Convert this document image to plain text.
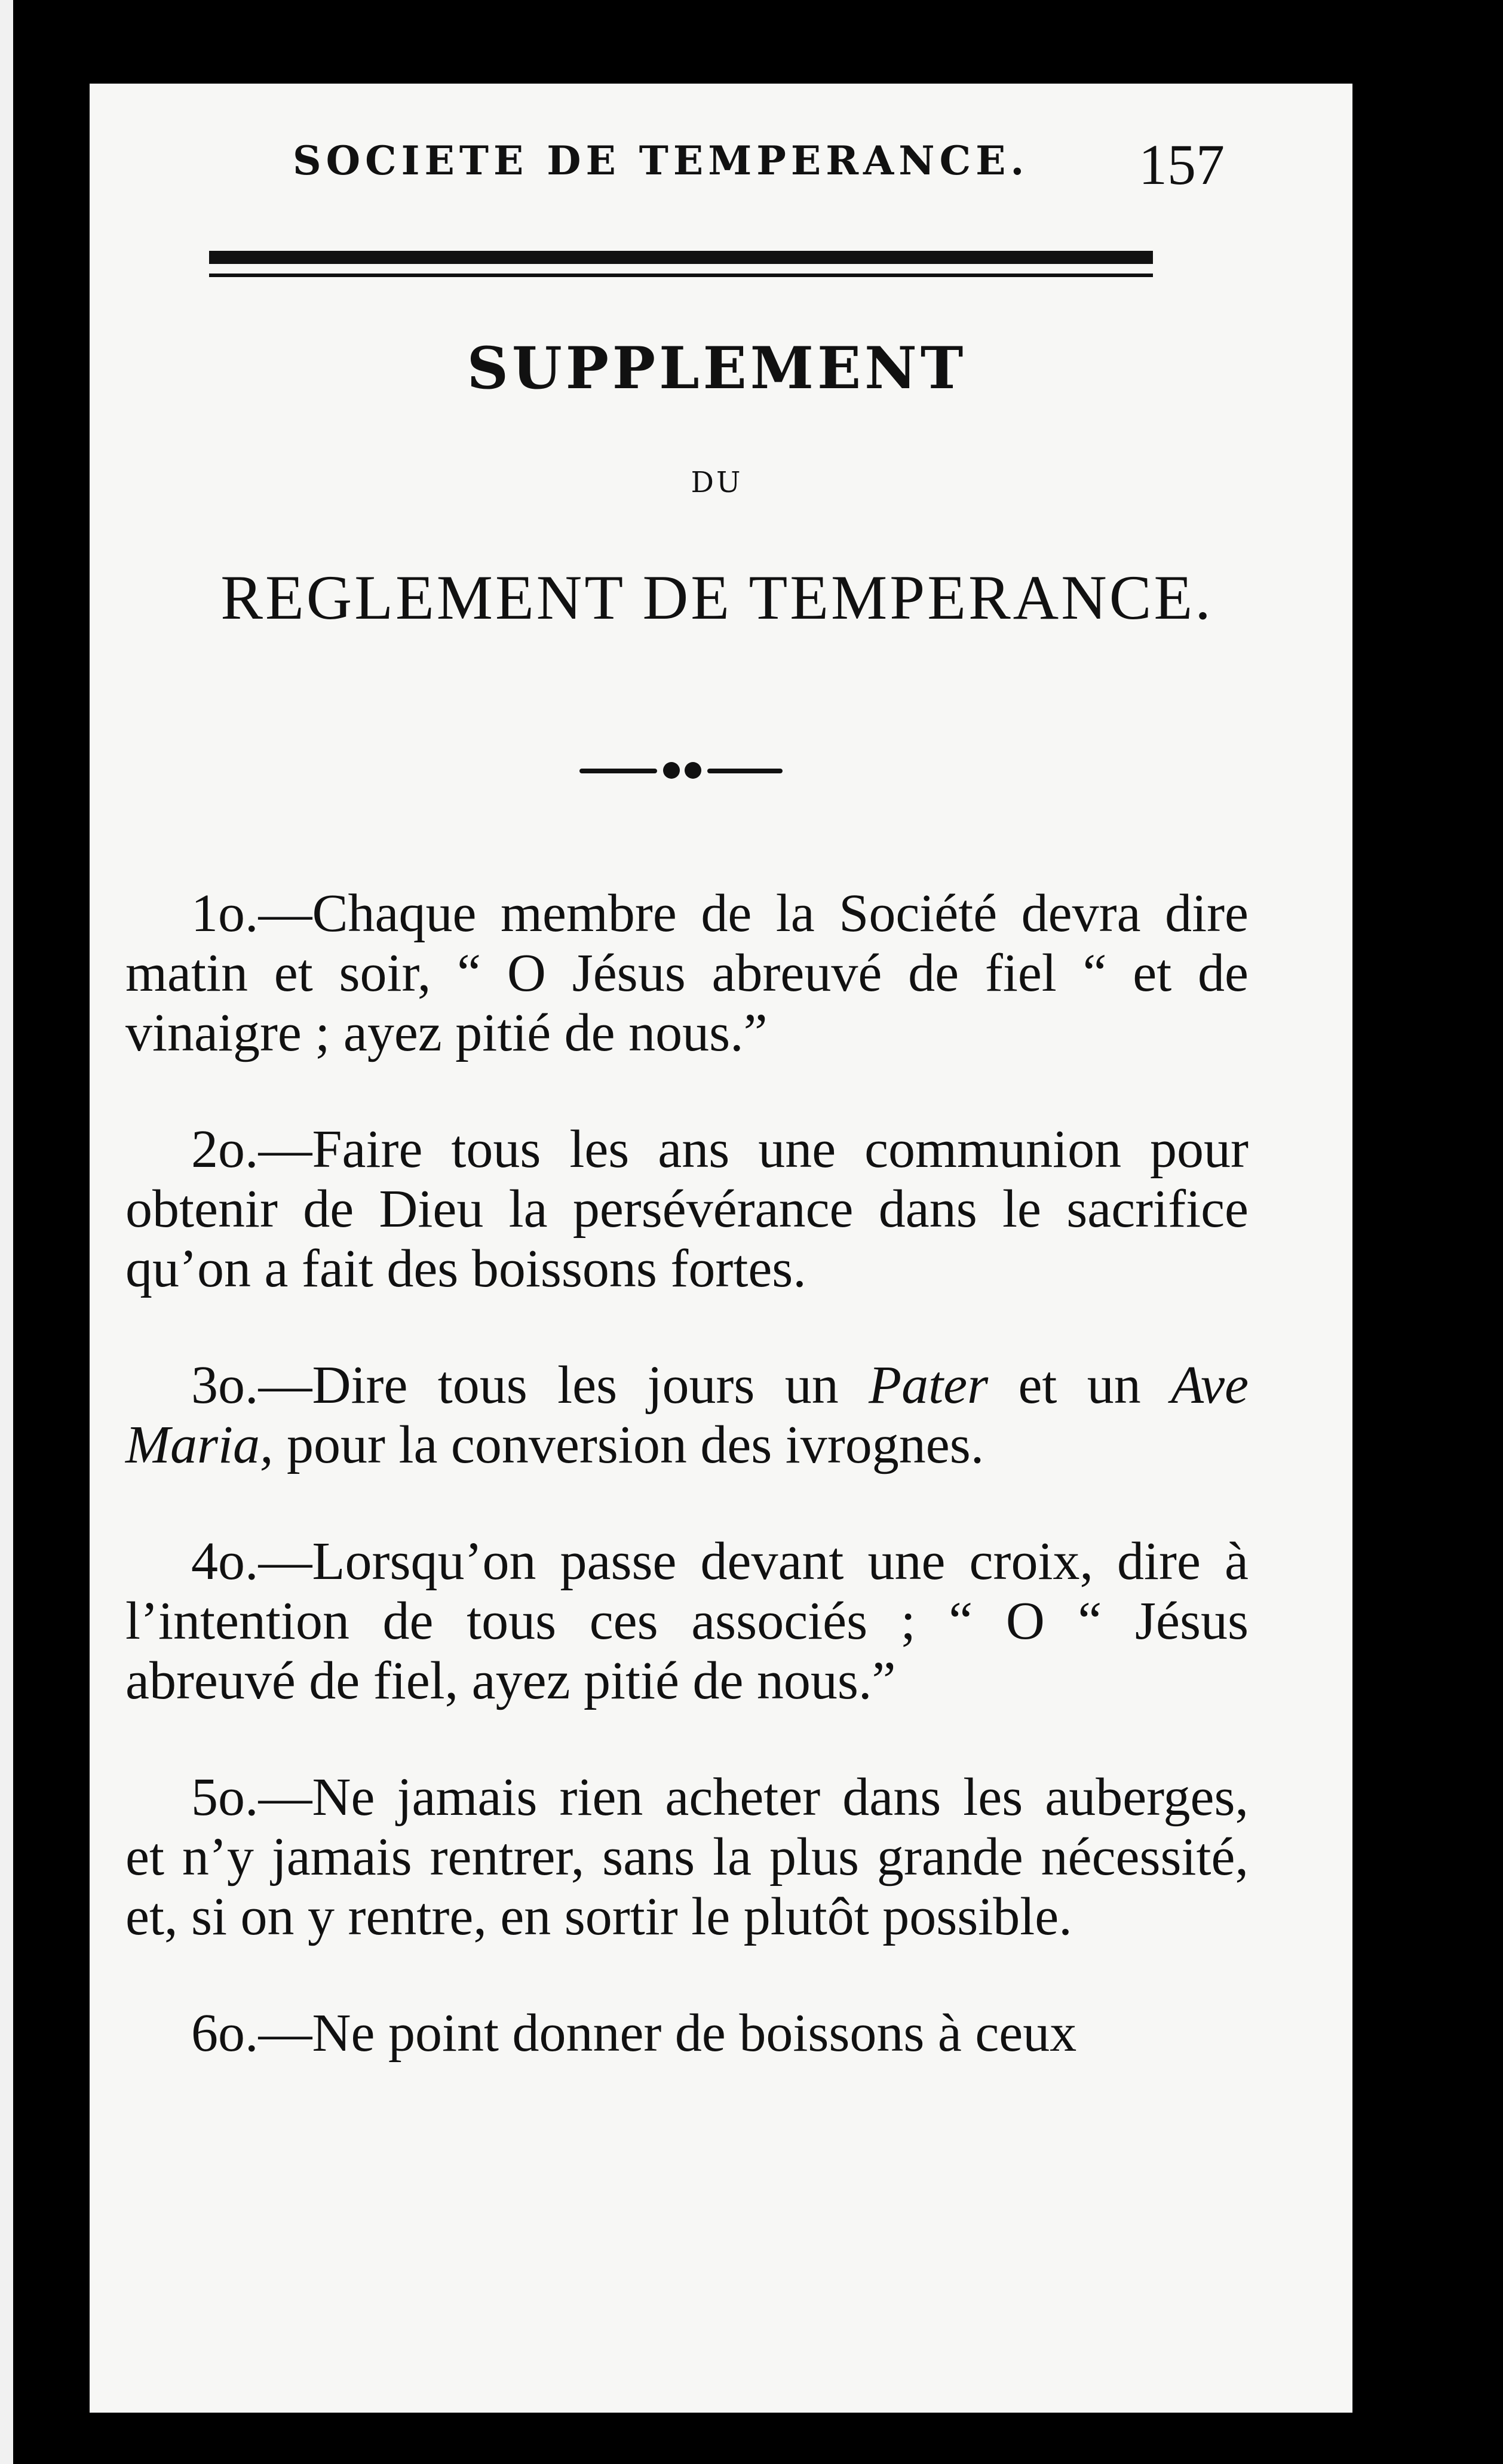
SOCIETE DE TEMPERANCE. 157
SUPPLEMENT
DU
REGLEMENT DE TEMPERANCE.

1o.—Chaque membre de la Société devra dire matin et soir, “ O Jésus abreuvé de fiel “ et de vinaigre ; ayez pitié de nous.”

2o.—Faire tous les ans une communion pour obtenir de Dieu la persévérance dans le sacrifice qu’on a fait des boissons fortes.

3o.—Dire tous les jours un Pater et un Ave Maria, pour la conversion des ivrognes.

4o.—Lorsqu’on passe devant une croix, dire à l’intention de tous ces associés ; “ O “ Jésus abreuvé de fiel, ayez pitié de nous.”

5o.—Ne jamais rien acheter dans les auberges, et n’y jamais rentrer, sans la plus grande nécessité, et, si on y rentre, en sortir le plutôt possible.

6o.—Ne point donner de boissons à ceux
